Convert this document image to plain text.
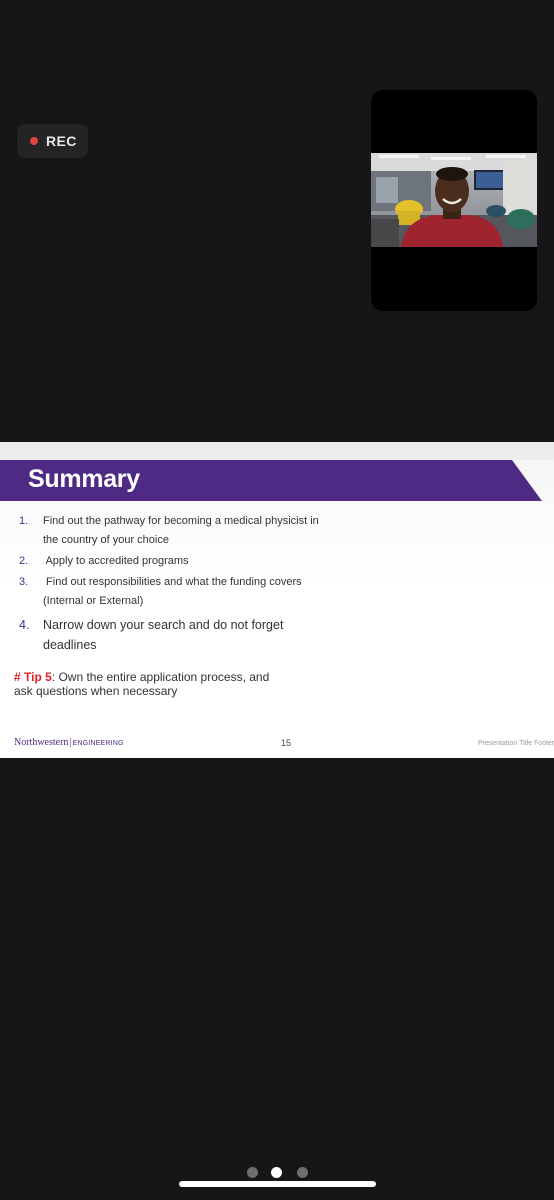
REC
Summary
1. Find out the pathway for becoming a medical physicist in
the country of your choice
2. Apply to accredited programs
3. Find out responsibilities and what the funding covers
(Internal or External)
4. Narrow down your search and do not forget
deadlines
# Tip 5: Own the entire application process, and
ask questions when necessary
Northwestern|ENGINEERING	15	Presentation Title Footer
